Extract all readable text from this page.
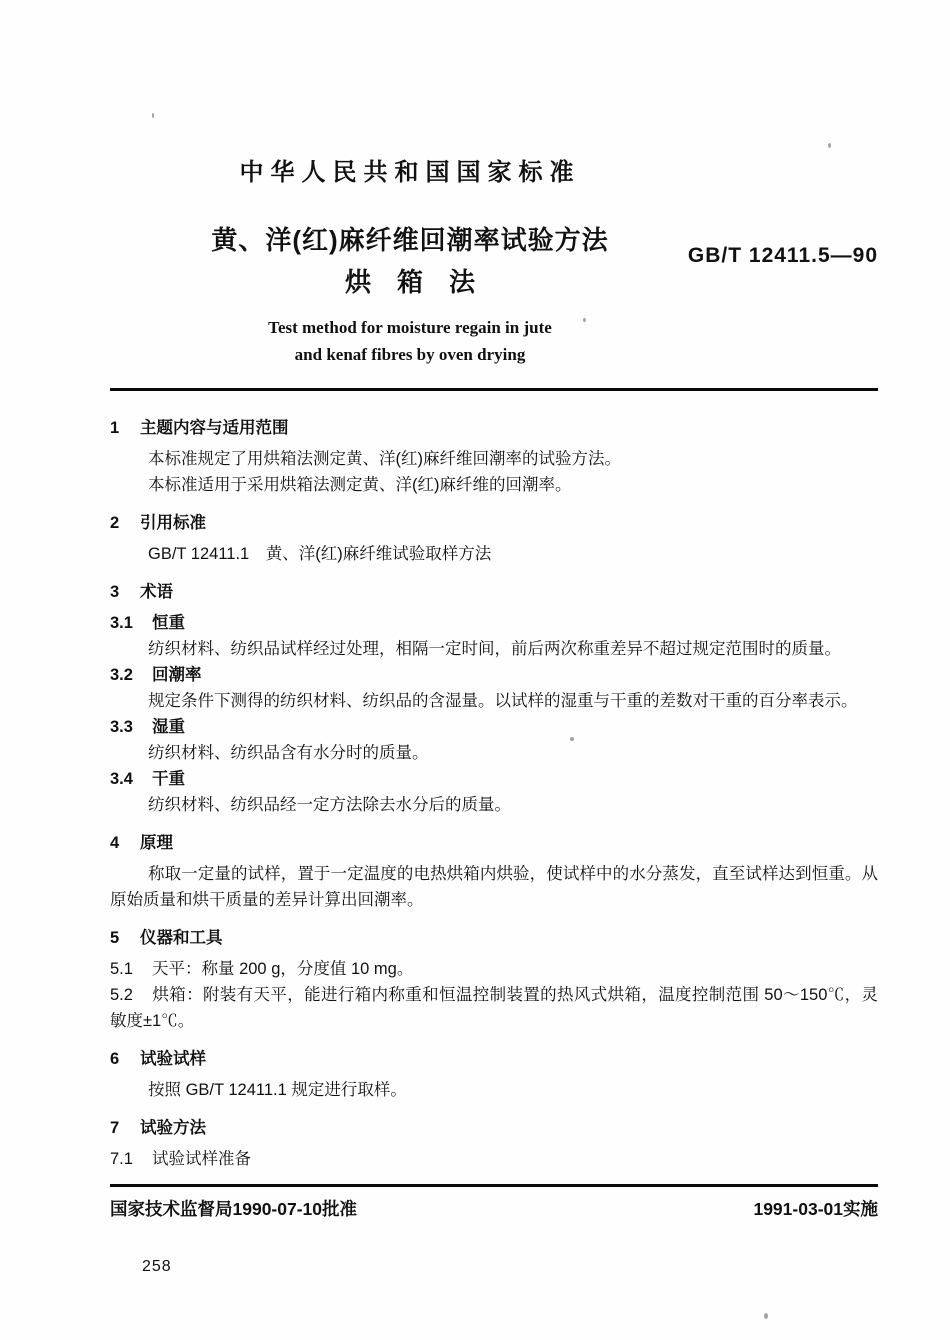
中华人民共和国国家标准
黄、洋(红)麻纤维回潮率试验方法
烘　箱　法
Test method for moisture regain in jute
and kenaf fibres by oven drying
GB/T 12411.5—90
1 主题内容与适用范围

本标准规定了用烘箱法测定黄、洋(红)麻纤维回潮率的试验方法。

本标准适用于采用烘箱法测定黄、洋(红)麻纤维的回潮率。

2 引用标准

GB/T 12411.1　黄、洋(红)麻纤维试验取样方法

3 术语

3.1 恒重

纺织材料、纺织品试样经过处理，相隔一定时间，前后两次称重差异不超过规定范围时的质量。

3.2 回潮率

规定条件下测得的纺织材料、纺织品的含湿量。以试样的湿重与干重的差数对干重的百分率表示。

3.3 湿重

纺织材料、纺织品含有水分时的质量。

3.4 干重

纺织材料、纺织品经一定方法除去水分后的质量。

4 原理

称取一定量的试样，置于一定温度的电热烘箱内烘验，使试样中的水分蒸发，直至试样达到恒重。从原始质量和烘干质量的差异计算出回潮率。

5 仪器和工具

5.1 天平：称量 200 g，分度值 10 mg。

5.2 烘箱：附装有天平，能进行箱内称重和恒温控制装置的热风式烘箱，温度控制范围 50～150℃，灵敏度±1℃。

6 试验试样

按照 GB/T 12411.1 规定进行取样。

7 试验方法

7.1 试验试样准备

国家技术监督局1990-07-10批准	1991-03-01实施
258
